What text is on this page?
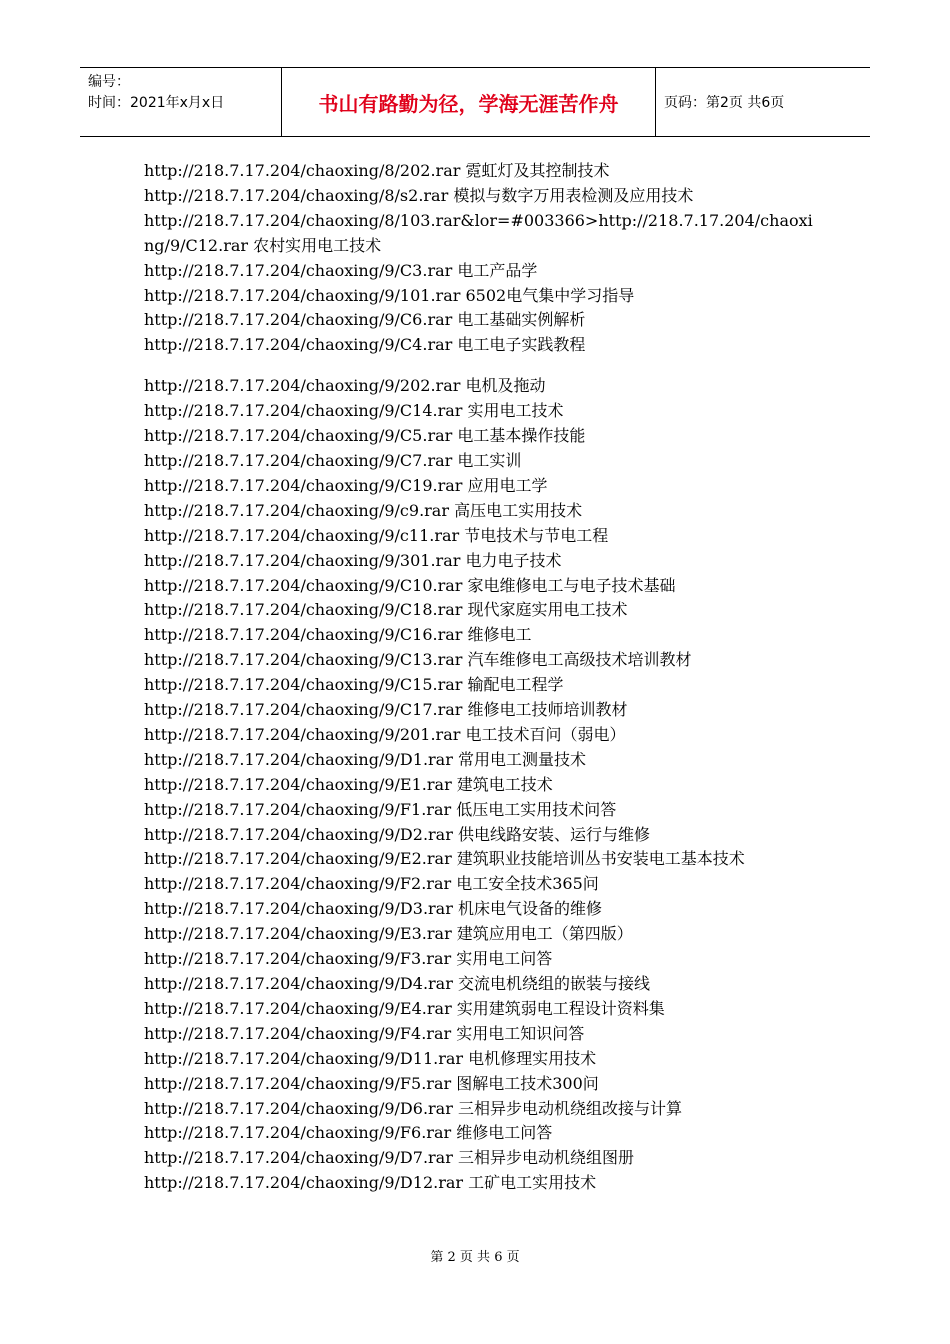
编号：
时间：2021年x月x日	书山有路勤为径，学海无涯苦作舟	页码：第2页 共6页
http://218.7.17.204/chaoxing/8/202.rar 霓虹灯及其控制技术
http://218.7.17.204/chaoxing/8/s2.rar 模拟与数字万用表检测及应用技术
http://218.7.17.204/chaoxing/8/103.rar&lor=#003366>http://218.7.17.204/chaoxing/9/C12.rar 农村实用电工技术
http://218.7.17.204/chaoxing/9/C3.rar 电工产品学
http://218.7.17.204/chaoxing/9/101.rar 6502电气集中学习指导
http://218.7.17.204/chaoxing/9/C6.rar 电工基础实例解析
http://218.7.17.204/chaoxing/9/C4.rar 电工电子实践教程
http://218.7.17.204/chaoxing/9/202.rar 电机及拖动
http://218.7.17.204/chaoxing/9/C14.rar 实用电工技术
http://218.7.17.204/chaoxing/9/C5.rar 电工基本操作技能
http://218.7.17.204/chaoxing/9/C7.rar 电工实训
http://218.7.17.204/chaoxing/9/C19.rar 应用电工学
http://218.7.17.204/chaoxing/9/c9.rar 高压电工实用技术
http://218.7.17.204/chaoxing/9/c11.rar 节电技术与节电工程
http://218.7.17.204/chaoxing/9/301.rar 电力电子技术
http://218.7.17.204/chaoxing/9/C10.rar 家电维修电工与电子技术基础
http://218.7.17.204/chaoxing/9/C18.rar 现代家庭实用电工技术
http://218.7.17.204/chaoxing/9/C16.rar 维修电工
http://218.7.17.204/chaoxing/9/C13.rar 汽车维修电工高级技术培训教材
http://218.7.17.204/chaoxing/9/C15.rar 输配电工程学
http://218.7.17.204/chaoxing/9/C17.rar 维修电工技师培训教材
http://218.7.17.204/chaoxing/9/201.rar 电工技术百问（弱电）
http://218.7.17.204/chaoxing/9/D1.rar 常用电工测量技术
http://218.7.17.204/chaoxing/9/E1.rar 建筑电工技术
http://218.7.17.204/chaoxing/9/F1.rar 低压电工实用技术问答
http://218.7.17.204/chaoxing/9/D2.rar 供电线路安装、运行与维修
http://218.7.17.204/chaoxing/9/E2.rar 建筑职业技能培训丛书安装电工基本技术
http://218.7.17.204/chaoxing/9/F2.rar 电工安全技术365问
http://218.7.17.204/chaoxing/9/D3.rar 机床电气设备的维修
http://218.7.17.204/chaoxing/9/E3.rar 建筑应用电工（第四版）
http://218.7.17.204/chaoxing/9/F3.rar 实用电工问答
http://218.7.17.204/chaoxing/9/D4.rar 交流电机绕组的嵌装与接线
http://218.7.17.204/chaoxing/9/E4.rar 实用建筑弱电工程设计资料集
http://218.7.17.204/chaoxing/9/F4.rar 实用电工知识问答
http://218.7.17.204/chaoxing/9/D11.rar 电机修理实用技术
http://218.7.17.204/chaoxing/9/F5.rar 图解电工技术300问
http://218.7.17.204/chaoxing/9/D6.rar 三相异步电动机绕组改接与计算
http://218.7.17.204/chaoxing/9/F6.rar 维修电工问答
http://218.7.17.204/chaoxing/9/D7.rar 三相异步电动机绕组图册
http://218.7.17.204/chaoxing/9/D12.rar 工矿电工实用技术
第 2 页 共 6 页
